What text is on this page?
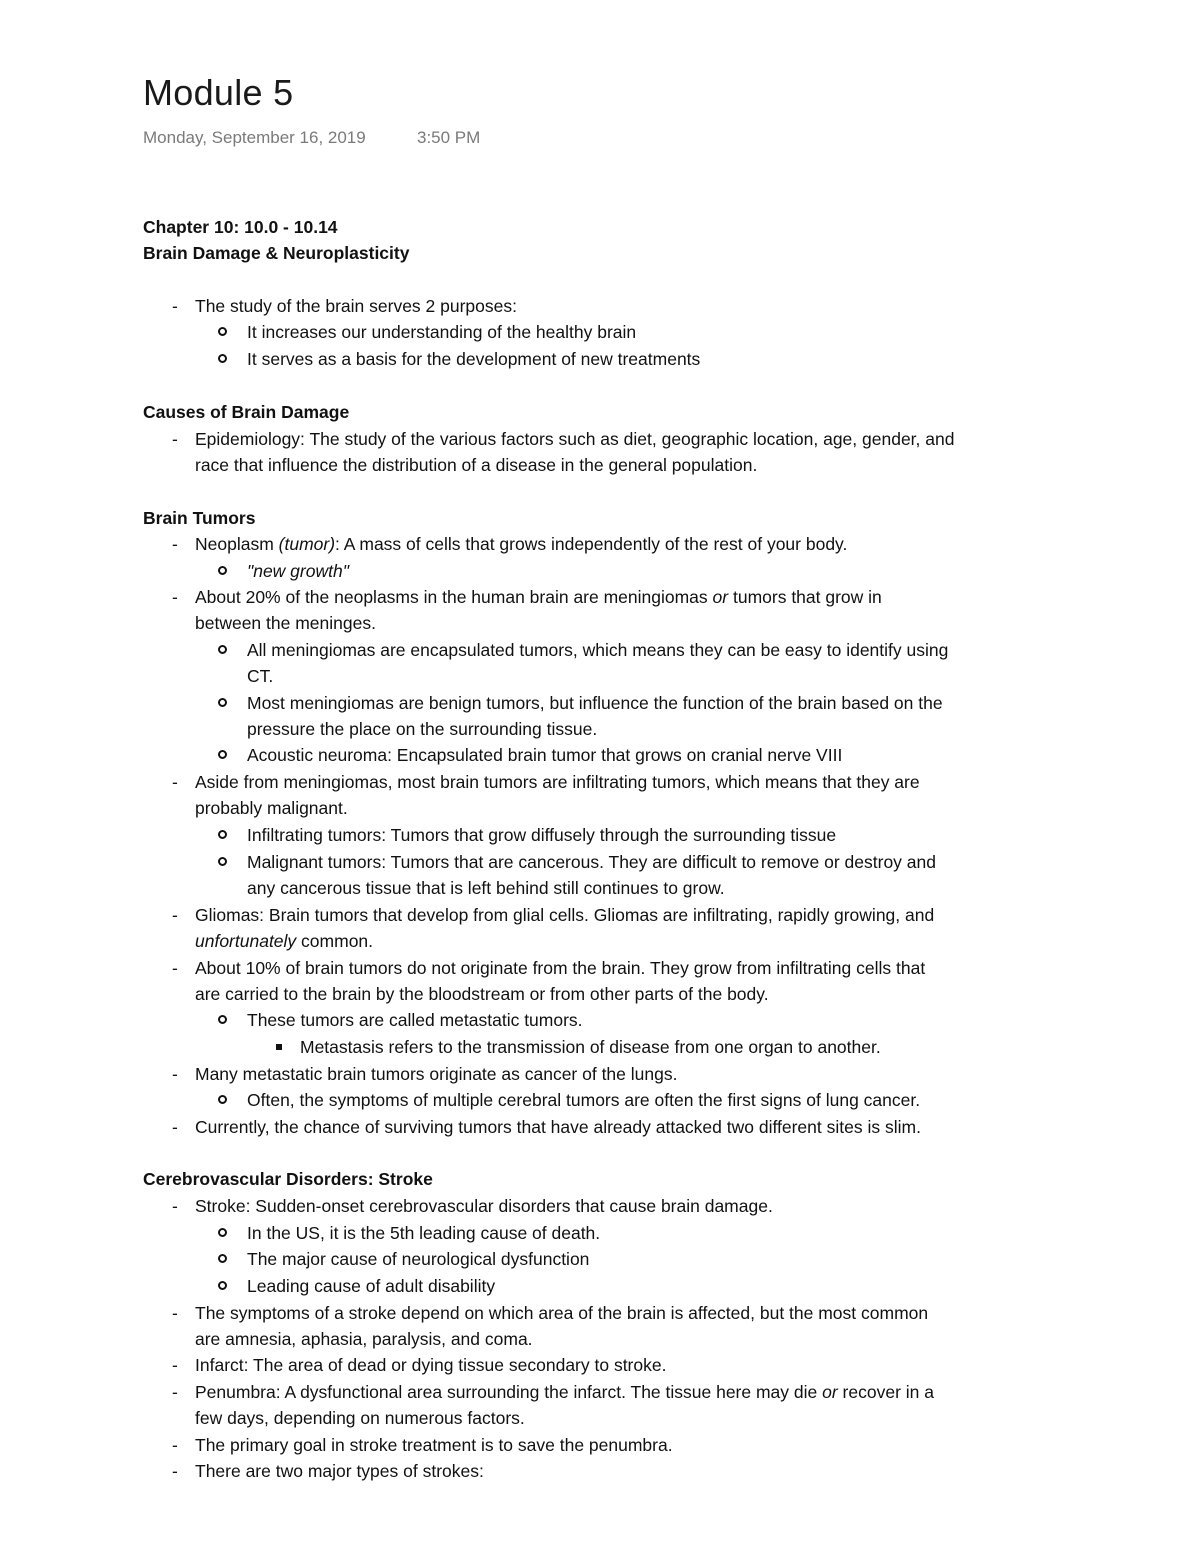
Module 5
Monday, September 16, 2019	3:50 PM
Chapter 10: 10.0 - 10.14
Brain Damage & Neuroplasticity
- The study of the brain serves 2 purposes:
It increases our understanding of the healthy brain
It serves as a basis for the development of new treatments
Causes of Brain Damage
- Epidemiology: The study of the various factors such as diet, geographic location, age, gender, and
race that influence the distribution of a disease in the general population.
Brain Tumors
- Neoplasm (tumor): A mass of cells that grows independently of the rest of your body.
"new growth"
- About 20% of the neoplasms in the human brain are meningiomas or tumors that grow in
between the meninges.
All meningiomas are encapsulated tumors, which means they can be easy to identify using
CT.
Most meningiomas are benign tumors, but influence the function of the brain based on the
pressure the place on the surrounding tissue.
Acoustic neuroma: Encapsulated brain tumor that grows on cranial nerve VIII
- Aside from meningiomas, most brain tumors are infiltrating tumors, which means that they are
probably malignant.
Infiltrating tumors: Tumors that grow diffusely through the surrounding tissue
Malignant tumors: Tumors that are cancerous. They are difficult to remove or destroy and
any cancerous tissue that is left behind still continues to grow.
- Gliomas: Brain tumors that develop from glial cells. Gliomas are infiltrating, rapidly growing, and
unfortunately common.
- About 10% of brain tumors do not originate from the brain. They grow from infiltrating cells that
are carried to the brain by the bloodstream or from other parts of the body.
These tumors are called metastatic tumors.
Metastasis refers to the transmission of disease from one organ to another.
- Many metastatic brain tumors originate as cancer of the lungs.
Often, the symptoms of multiple cerebral tumors are often the first signs of lung cancer.
- Currently, the chance of surviving tumors that have already attacked two different sites is slim.
Cerebrovascular Disorders: Stroke
- Stroke: Sudden-onset cerebrovascular disorders that cause brain damage.
In the US, it is the 5th leading cause of death.
The major cause of neurological dysfunction
Leading cause of adult disability
- The symptoms of a stroke depend on which area of the brain is affected, but the most common
are amnesia, aphasia, paralysis, and coma.
- Infarct: The area of dead or dying tissue secondary to stroke.
- Penumbra: A dysfunctional area surrounding the infarct. The tissue here may die or recover in a
few days, depending on numerous factors.
- The primary goal in stroke treatment is to save the penumbra.
- There are two major types of strokes:
